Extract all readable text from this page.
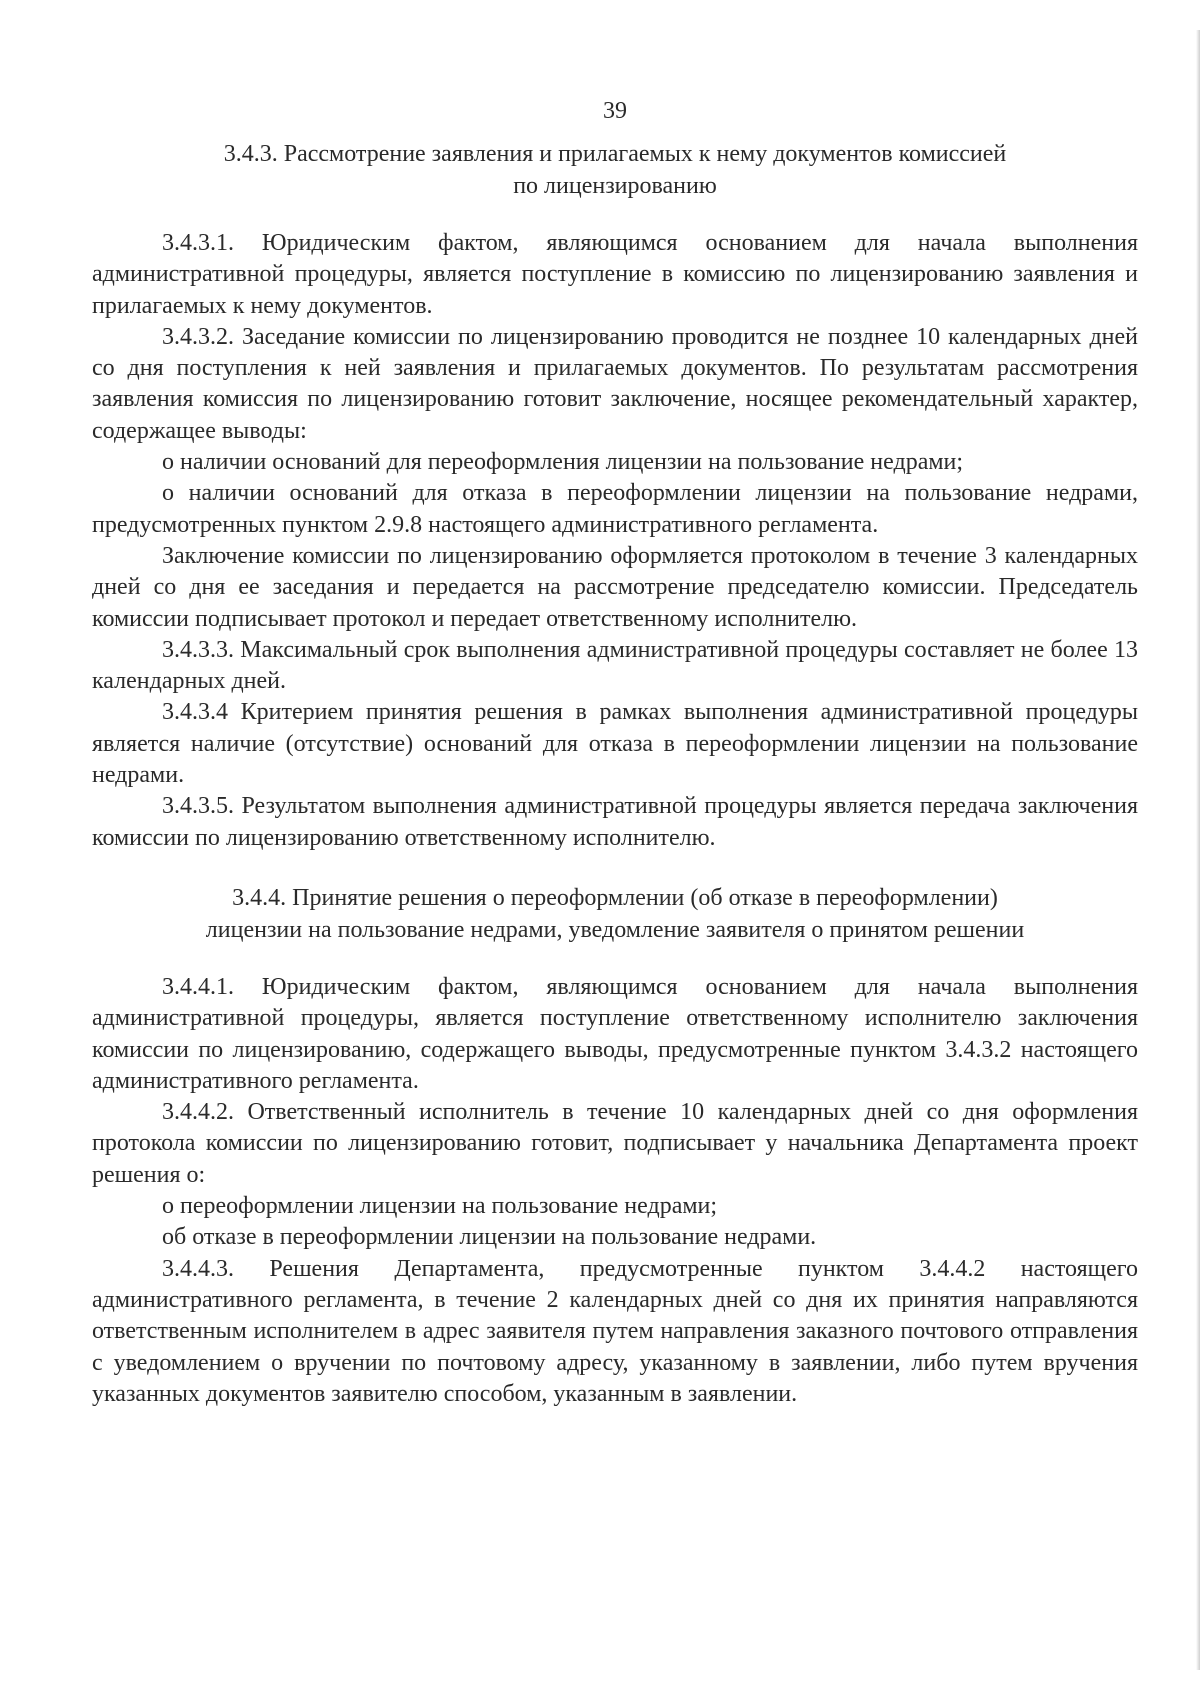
39
3.4.3. Рассмотрение заявления и прилагаемых к нему документов комиссией
по лицензированию

3.4.3.1. Юридическим фактом, являющимся основанием для начала выполнения административной процедуры, является поступление в комиссию по лицензированию заявления и прилагаемых к нему документов.

3.4.3.2. Заседание комиссии по лицензированию проводится не позднее 10 календарных дней со дня поступления к ней заявления и прилагаемых документов. По результатам рассмотрения заявления комиссия по лицензированию готовит заключение, носящее рекомендательный характер, содержащее выводы:

о наличии оснований для переоформления лицензии на пользование недрами;

о наличии оснований для отказа в переоформлении лицензии на пользование недрами, предусмотренных пунктом 2.9.8 настоящего административного регламента.

Заключение комиссии по лицензированию оформляется протоколом в течение 3 календарных дней со дня ее заседания и передается на рассмотрение председателю комиссии. Председатель комиссии подписывает протокол и передает ответственному исполнителю.

3.4.3.3. Максимальный срок выполнения административной процедуры составляет не более 13 календарных дней.

3.4.3.4 Критерием принятия решения в рамках выполнения административной процедуры является наличие (отсутствие) оснований для отказа в переоформлении лицензии на пользование недрами.

3.4.3.5. Результатом выполнения административной процедуры является передача заключения комиссии по лицензированию ответственному исполнителю.

3.4.4. Принятие решения о переоформлении (об отказе в переоформлении)
лицензии на пользование недрами, уведомление заявителя о принятом решении

3.4.4.1. Юридическим фактом, являющимся основанием для начала выполнения административной процедуры, является поступление ответственному исполнителю заключения комиссии по лицензированию, содержащего выводы, предусмотренные пунктом 3.4.3.2 настоящего административного регламента.

3.4.4.2. Ответственный исполнитель в течение 10 календарных дней со дня оформления протокола комиссии по лицензированию готовит, подписывает у начальника Департамента проект решения о:

о переоформлении лицензии на пользование недрами;

об отказе в переоформлении лицензии на пользование недрами.

3.4.4.3. Решения Департамента, предусмотренные пунктом 3.4.4.2 настоящего административного регламента, в течение 2 календарных дней со дня их принятия направляются ответственным исполнителем в адрес заявителя путем направления заказного почтового отправления с уведомлением о вручении по почтовому адресу, указанному в заявлении, либо путем вручения указанных документов заявителю способом, указанным в заявлении.
